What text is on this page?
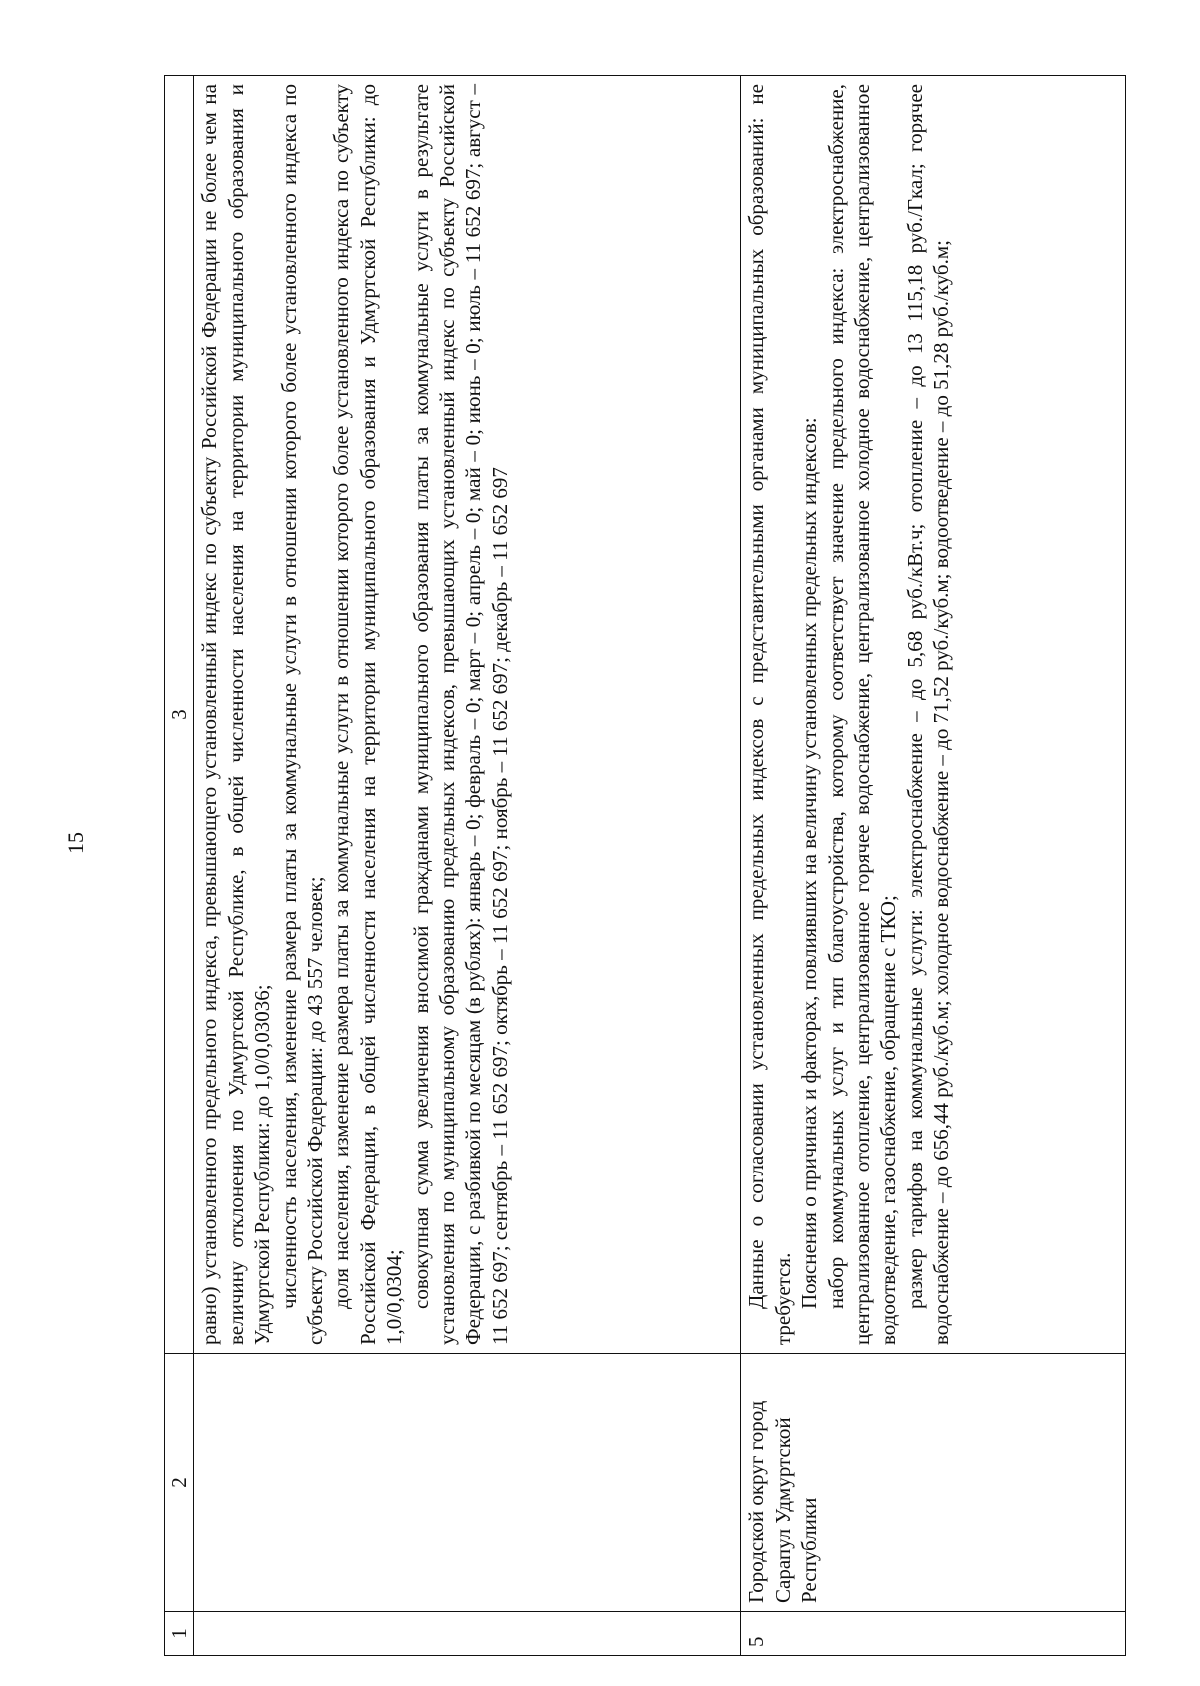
15
1	2	3

		равно) установленного предельного индекса, превышающего установленный индекс по субъекту Российской Федерации не более чем на величину отклонения по Удмуртской Республике, в общей численности населения на территории муниципального образования и Удмуртской Республики: до 1,0/0,03036; численность населения, изменение размера платы за коммунальные услуги в отношении которого более установленного индекса по субъекту Российской Федерации: до 43 557 человек; доля населения, изменение размера платы за коммунальные услуги в отношении которого более установленного индекса по субъекту Российской Федерации, в общей численности населения на территории муниципального образования и Удмуртской Республики: до 1,0/0,0304; совокупная сумма увеличения вносимой гражданами муниципального образования платы за коммунальные услуги в результате установления по муниципальному образованию предельных индексов, превышающих установленный индекс по субъекту Российской Федерации, с разбивкой по месяцам (в рублях): январь – 0; февраль – 0; март – 0; апрель – 0; май – 0; июнь – 0; июль – 11 652 697; август – 11 652 697; сентябрь – 11 652 697; октябрь – 11 652 697; ноябрь – 11 652 697; декабрь – 11 652 697

5	Городской округ город Сарапул Удмуртской Республики	Данные о согласовании установленных предельных индексов с представительными органами муниципальных образований: не требуется. Пояснения о причинах и факторах, повлиявших на величину установленных предельных индексов: набор коммунальных услуг и тип благоустройства, которому соответствует значение предельного индекса: электроснабжение, централизованное отопление, централизованное горячее водоснабжение, централизованное холодное водоснабжение, централизованное водоотведение, газоснабжение, обращение с ТКО; размер тарифов на коммунальные услуги: электроснабжение – до 5,68 руб./кВт.ч; отопление – до 13 115,18 руб./Гкал; горячее водоснабжение – до 656,44 руб./куб.м; холодное водоснабжение – до 71,52 руб./куб.м; водоотведение – до 51,28 руб./куб.м;
